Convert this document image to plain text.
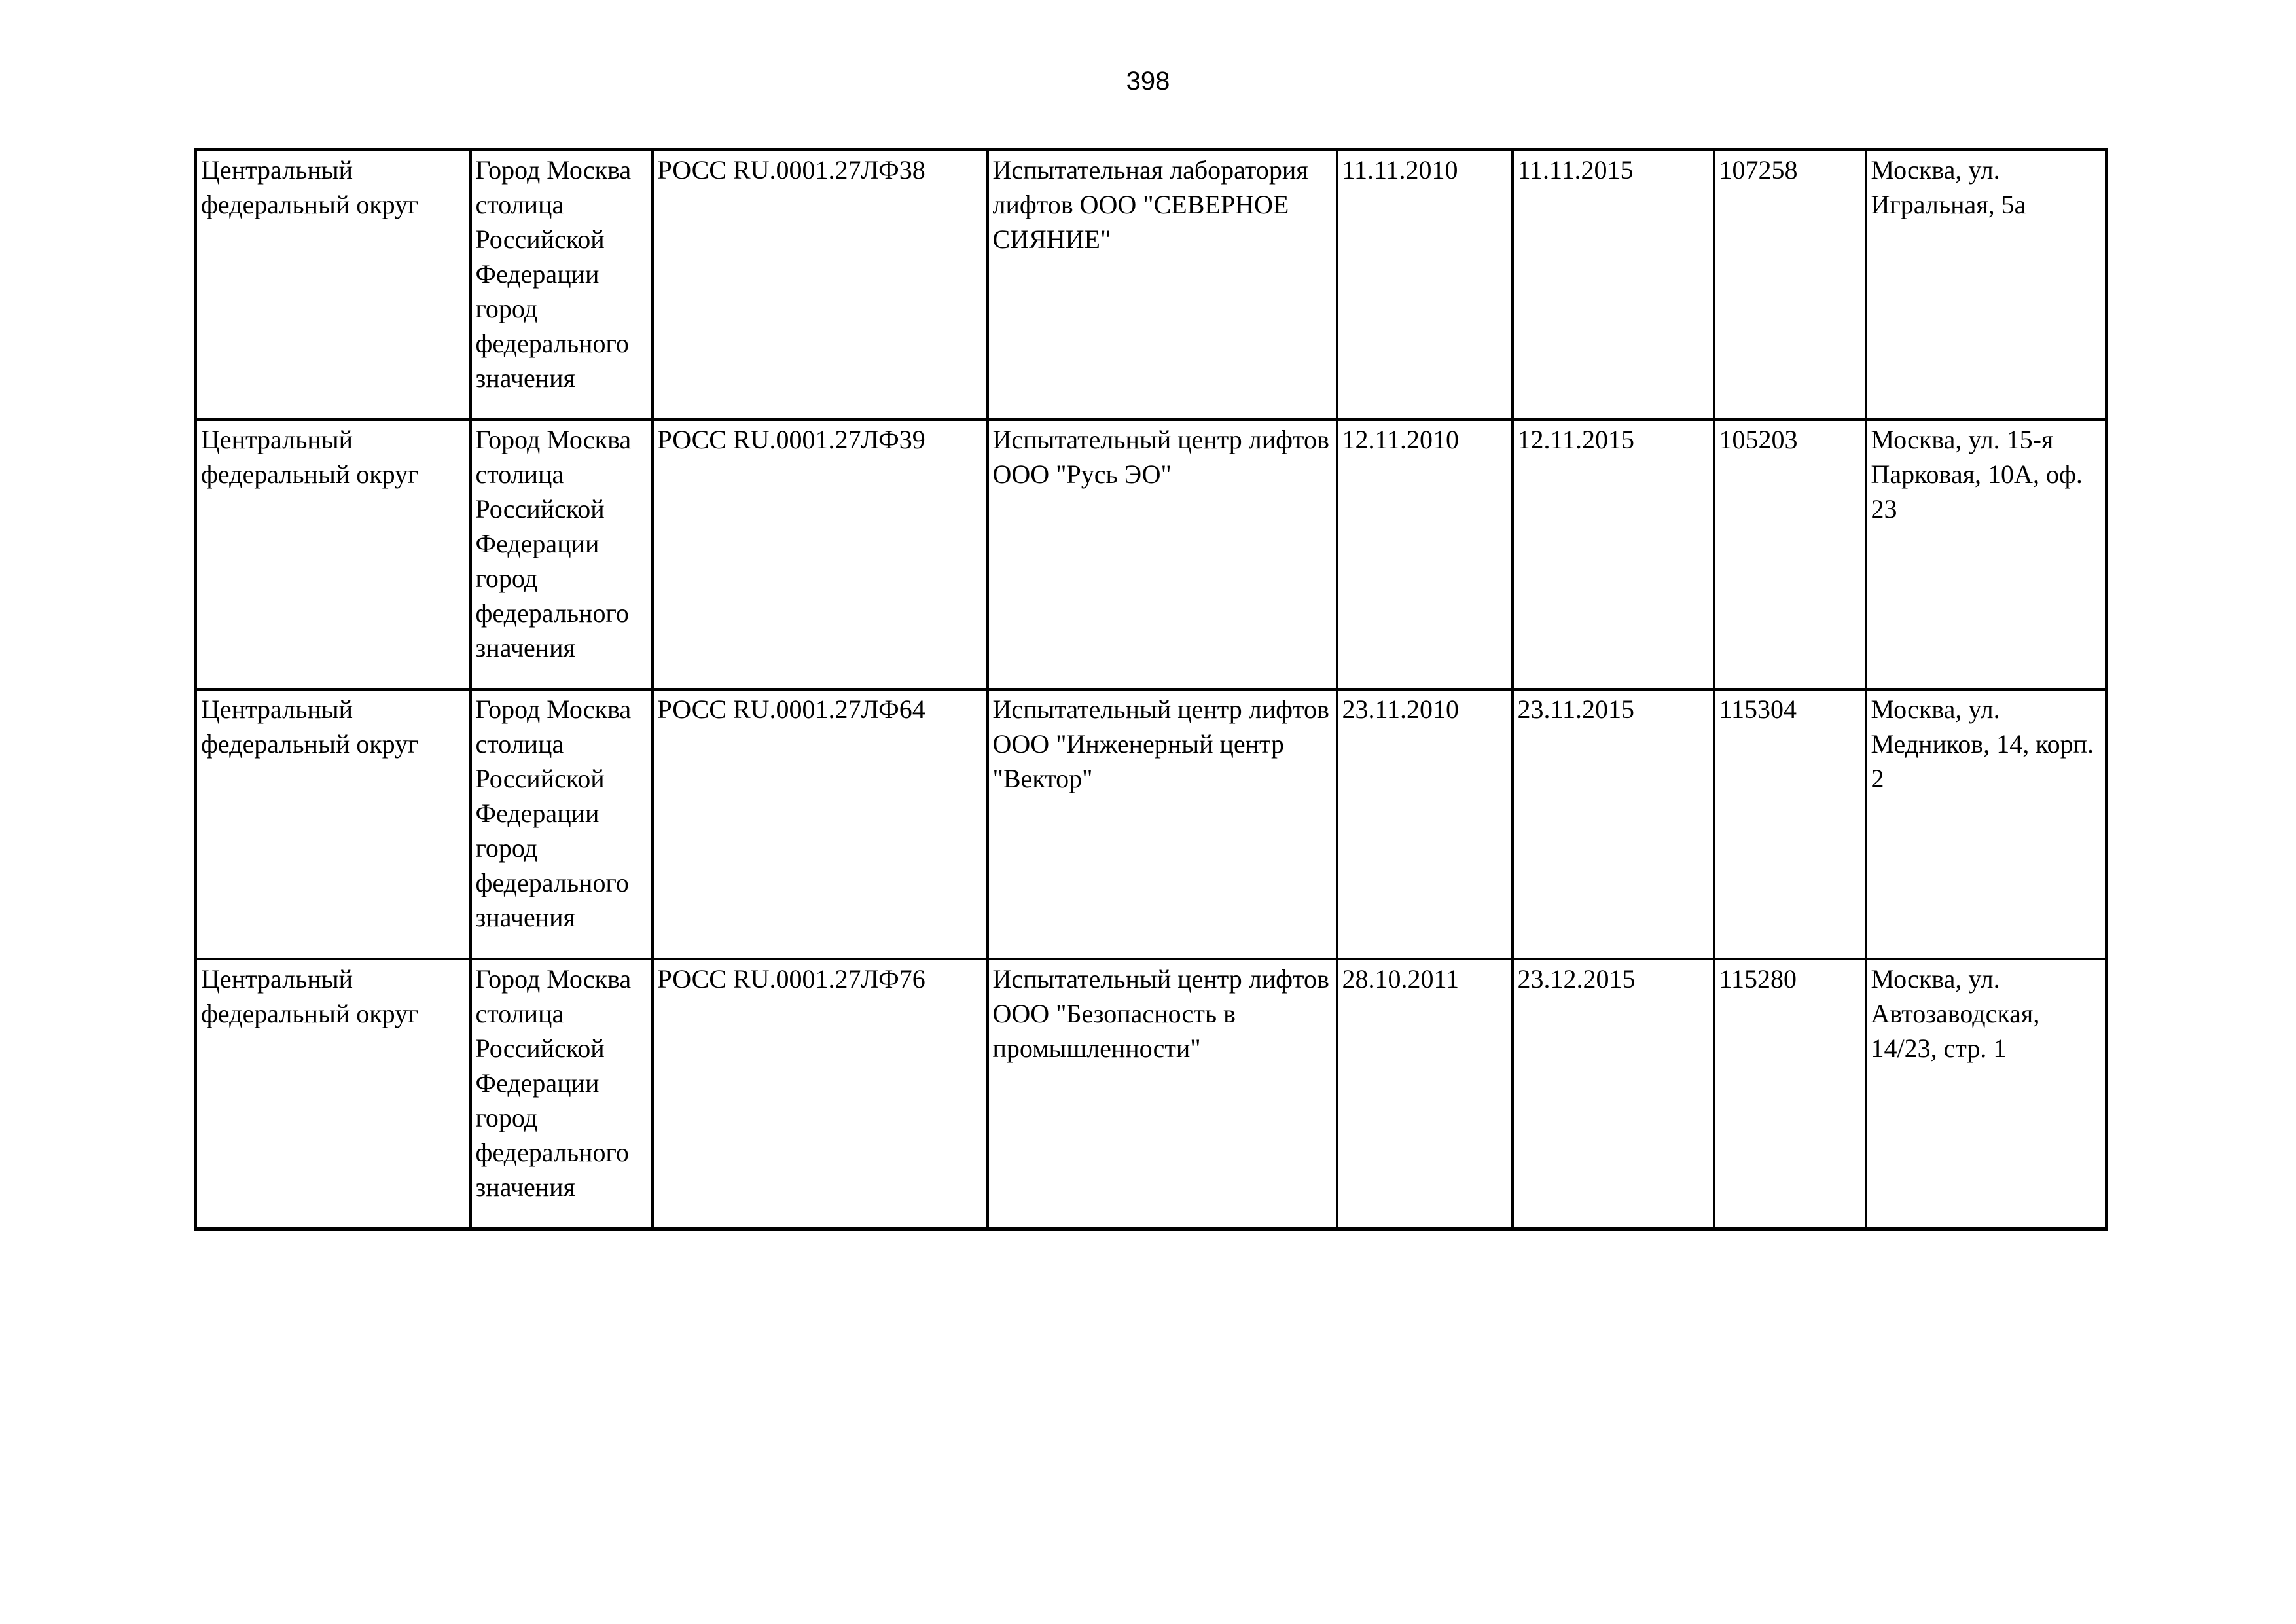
398
Центральный федеральный округ	Город Москва столица Российской Федерации город федерального значения	РОСС RU.0001.27ЛФ38	Испытательная лаборатория лифтов ООО "СЕВЕРНОЕ СИЯНИЕ"	11.11.2010	11.11.2015	107258	Москва, ул. Игральная, 5а

Центральный федеральный округ	Город Москва столица Российской Федерации город федерального значения	РОСС RU.0001.27ЛФ39	Испытательный центр лифтов ООО "Русь ЭО"	12.11.2010	12.11.2015	105203	Москва, ул. 15-я Парковая, 10А, оф. 23

Центральный федеральный округ	Город Москва столица Российской Федерации город федерального значения	РОСС RU.0001.27ЛФ64	Испытательный центр лифтов ООО "Инженерный центр "Вектор"	23.11.2010	23.11.2015	115304	Москва, ул. Медников, 14, корп. 2

Центральный федеральный округ	Город Москва столица Российской Федерации город федерального значения	РОСС RU.0001.27ЛФ76	Испытательный центр лифтов ООО "Безопасность в промышленности"	28.10.2011	23.12.2015	115280	Москва, ул. Автозаводская, 14/23, стр. 1
